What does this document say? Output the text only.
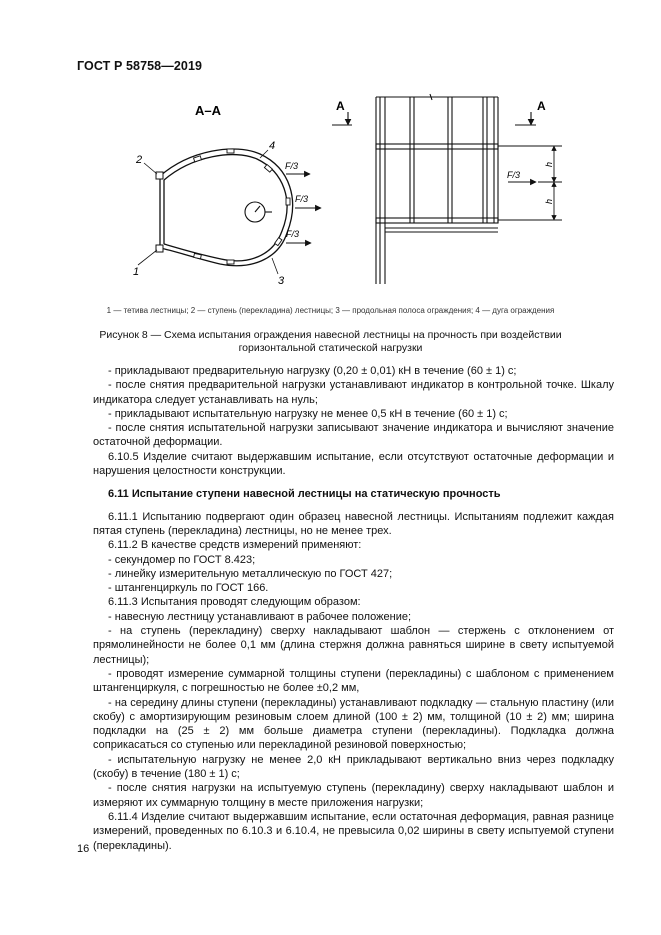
ГОСТ Р 58758—2019
А–А
F/3
F/3
F/3
2
1
4
3
А	А
F/3
h
h
1 — тетива лестницы; 2 — ступень (перекладина) лестницы; 3 — продольная полоса ограждения; 4 — дуга ограждения
Рисунок 8 — Схема испытания ограждения навесной лестницы на прочность при воздействии
горизонтальной статической нагрузки

- прикладывают предварительную нагрузку (0,20 ± 0,01) кН в течение (60 ± 1) с;

- после снятия предварительной нагрузки устанавливают индикатор в контрольной точке. Шкалу индикатора следует устанавливать на нуль;

- прикладывают испытательную нагрузку не менее 0,5 кН в течение (60 ± 1) с;

- после снятия испытательной нагрузки записывают значение индикатора и вычисляют значение остаточной деформации.

6.10.5 Изделие считают выдержавшим испытание, если отсутствуют остаточные деформации и нарушения целостности конструкции.

6.11 Испытание ступени навесной лестницы на статическую прочность

6.11.1 Испытанию подвергают один образец навесной лестницы. Испытаниям подлежит каждая пятая ступень (перекладина) лестницы, но не менее трех.

6.11.2 В качестве средств измерений применяют:

- секундомер по ГОСТ 8.423;

- линейку измерительную металлическую по ГОСТ 427;

- штангенциркуль по ГОСТ 166.

6.11.3 Испытания проводят следующим образом:

- навесную лестницу устанавливают в рабочее положение;

- на ступень (перекладину) сверху накладывают шаблон — стержень с отклонением от прямолинейности не более 0,1 мм (длина стержня должна равняться ширине в свету испытуемой лестницы);

- проводят измерение суммарной толщины ступени (перекладины) с шаблоном с применением штангенциркуля, с погрешностью не более ±0,2 мм,

- на середину длины ступени (перекладины) устанавливают подкладку — стальную пластину (или скобу) с амортизирующим резиновым слоем длиной (100 ± 2) мм, толщиной (10 ± 2) мм; ширина подкладки на (25 ± 2) мм больше диаметра ступени (перекладины). Подкладка должна соприкасаться со ступенью или перекладиной резиновой поверхностью;

- испытательную нагрузку не менее 2,0 кН прикладывают вертикально вниз через подкладку (скобу) в течение (180 ± 1) с;

- после снятия нагрузки на испытуемую ступень (перекладину) сверху накладывают шаблон и измеряют их суммарную толщину в месте приложения нагрузки;

6.11.4 Изделие считают выдержавшим испытание, если остаточная деформация, равная разнице измерений, проведенных по 6.10.3 и 6.10.4, не превысила 0,02 ширины в свету испытуемой ступени (перекладины).

16
